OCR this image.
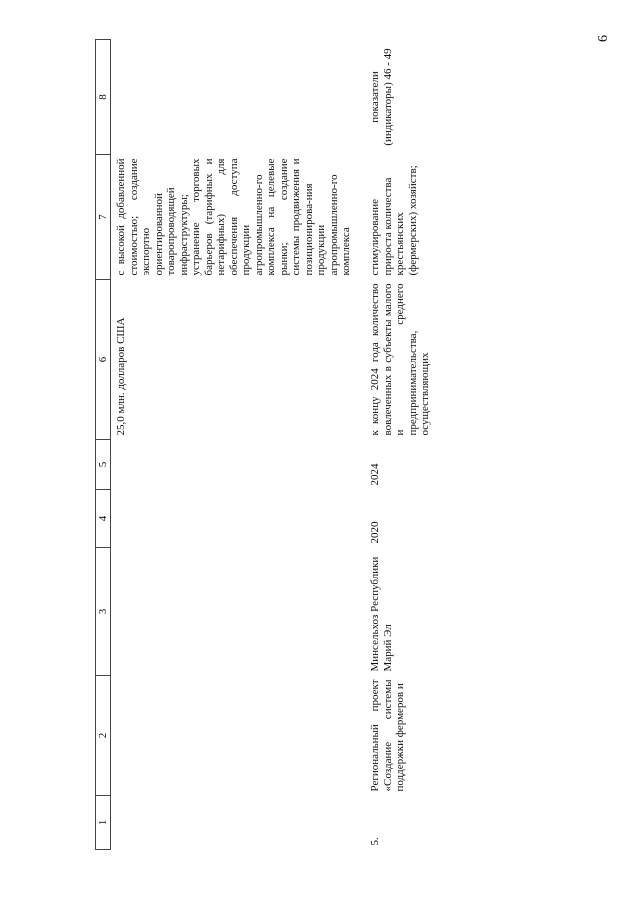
6
1	2	3	4	5	6	7	8
					25,0 млн. долларов США	с высокой добавленной стоимостью; создание экспортно ориентированной товаропроводящей инфраструктуры; устранение торговых барьеров (тарифных и нетарифных) для обеспечения доступа продукции агропромышленно-го комплекса на целевые рынки; создание системы продвижения и позиционирова-ния продукции агропромышленно-го комплекса	
5.	Региональный проект «Создание системы поддержки фермеров и	Минсельхоз Республики Марий Эл	2020	2024	к концу 2024 года количество вовлеченных в субъекты малого и среднего предпринимательства, осуществляющих	стимулирование прироста количества крестьянских (фермерских) хозяйств;	показатели (индикаторы) 46 - 49
